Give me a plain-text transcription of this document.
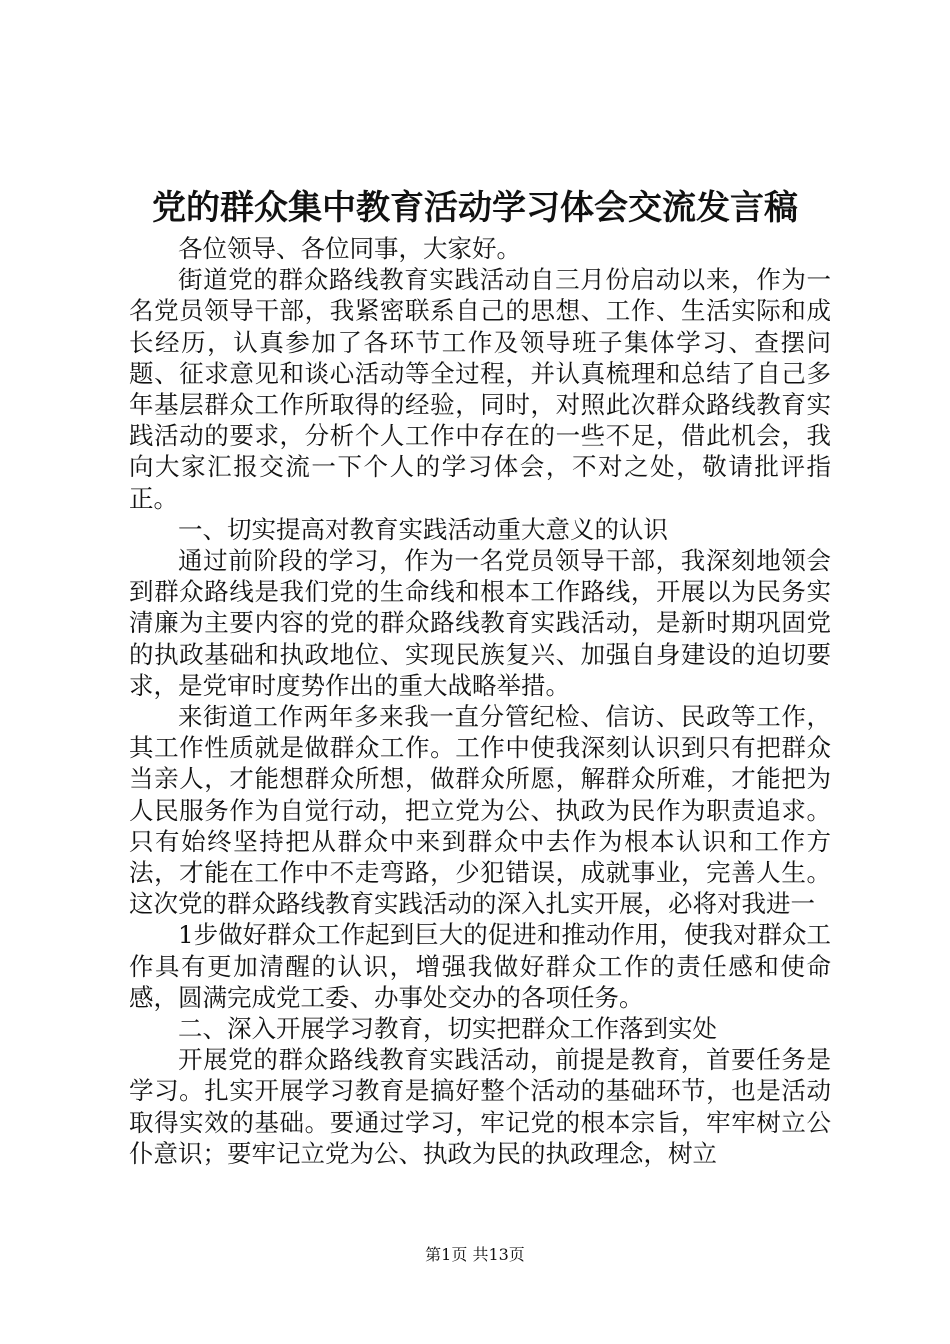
党的群众集中教育活动学习体会交流发言稿

各位领导、各位同事，大家好。

街道党的群众路线教育实践活动自三月份启动以来，作为一名党员领导干部，我紧密联系自己的思想、工作、生活实际和成长经历，认真参加了各环节工作及领导班子集体学习、查摆问题、征求意见和谈心活动等全过程，并认真梳理和总结了自己多年基层群众工作所取得的经验，同时，对照此次群众路线教育实践活动的要求，分析个人工作中存在的一些不足，借此机会，我向大家汇报交流一下个人的学习体会，不对之处，敬请批评指正。

一、切实提高对教育实践活动重大意义的认识

通过前阶段的学习，作为一名党员领导干部，我深刻地领会到群众路线是我们党的生命线和根本工作路线，开展以为民务实清廉为主要内容的党的群众路线教育实践活动，是新时期巩固党的执政基础和执政地位、实现民族复兴、加强自身建设的迫切要求，是党审时度势作出的重大战略举措。

来街道工作两年多来我一直分管纪检、信访、民政等工作，其工作性质就是做群众工作。工作中使我深刻认识到只有把群众当亲人，才能想群众所想，做群众所愿，解群众所难，才能把为人民服务作为自觉行动，把立党为公、执政为民作为职责追求。只有始终坚持把从群众中来到群众中去作为根本认识和工作方法，才能在工作中不走弯路，少犯错误，成就事业，完善人生。这次党的群众路线教育实践活动的深入扎实开展，必将对我进一

1步做好群众工作起到巨大的促进和推动作用，使我对群众工作具有更加清醒的认识，增强我做好群众工作的责任感和使命感，圆满完成党工委、办事处交办的各项任务。

二、深入开展学习教育，切实把群众工作落到实处

开展党的群众路线教育实践活动，前提是教育，首要任务是学习。扎实开展学习教育是搞好整个活动的基础环节，也是活动取得实效的基础。要通过学习，牢记党的根本宗旨，牢牢树立公仆意识；要牢记立党为公、执政为民的执政理念，树立

第1页 共13页
